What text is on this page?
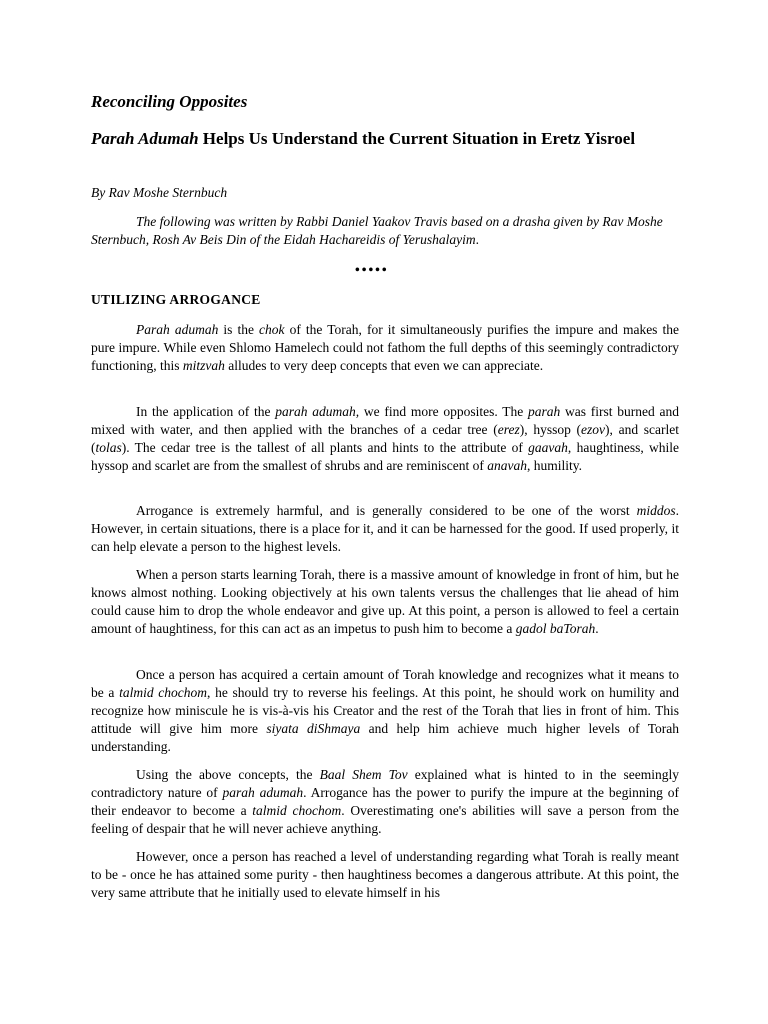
Reconciling Opposites

Parah Adumah Helps Us Understand the Current Situation in Eretz Yisroel

By Rav Moshe Sternbuch

The following was written by Rabbi Daniel Yaakov Travis based on a drasha given by Rav Moshe Sternbuch, Rosh Av Beis Din of the Eidah Hachareidis of Yerushalayim.

•••••

UTILIZING ARROGANCE

Parah adumah is the chok of the Torah, for it simultaneously purifies the impure and makes the pure impure. While even Shlomo Hamelech could not fathom the full depths of this seemingly contradictory functioning, this mitzvah alludes to very deep concepts that even we can appreciate.

In the application of the parah adumah, we find more opposites. The parah was first burned and mixed with water, and then applied with the branches of a cedar tree (erez), hyssop (ezov), and scarlet (tolas). The cedar tree is the tallest of all plants and hints to the attribute of gaavah, haughtiness, while hyssop and scarlet are from the smallest of shrubs and are reminiscent of anavah, humility.

Arrogance is extremely harmful, and is generally considered to be one of the worst middos. However, in certain situations, there is a place for it, and it can be harnessed for the good. If used properly, it can help elevate a person to the highest levels.

When a person starts learning Torah, there is a massive amount of knowledge in front of him, but he knows almost nothing. Looking objectively at his own talents versus the challenges that lie ahead of him could cause him to drop the whole endeavor and give up. At this point, a person is allowed to feel a certain amount of haughtiness, for this can act as an impetus to push him to become a gadol baTorah.

Once a person has acquired a certain amount of Torah knowledge and recognizes what it means to be a talmid chochom, he should try to reverse his feelings. At this point, he should work on humility and recognize how miniscule he is vis-à-vis his Creator and the rest of the Torah that lies in front of him. This attitude will give him more siyata diShmaya and help him achieve much higher levels of Torah understanding.

Using the above concepts, the Baal Shem Tov explained what is hinted to in the seemingly contradictory nature of parah adumah. Arrogance has the power to purify the impure at the beginning of their endeavor to become a talmid chochom. Overestimating one's abilities will save a person from the feeling of despair that he will never achieve anything.

However, once a person has reached a level of understanding regarding what Torah is really meant to be - once he has attained some purity - then haughtiness becomes a dangerous attribute. At this point, the very same attribute that he initially used to elevate himself in his
